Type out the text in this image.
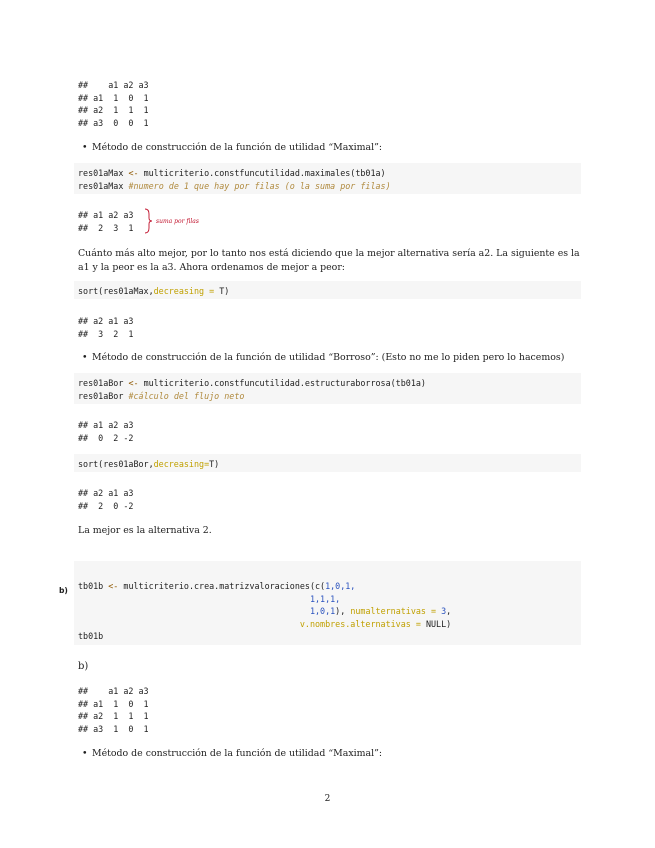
##    a1 a2 a3
## a1  1  0  1
## a2  1  1  1
## a3  0  0  1

• Método de construcción de la función de utilidad “Maximal”:

res01aMax <- multicriterio.constfuncutilidad.maximales(tb01a)
res01aMax #numero de 1 que hay por filas (o la suma por filas)
## a1 a2 a3
##  2  3  1
suma por filas

Cuánto más alto mejor, por lo tanto nos está diciendo que la mejor alternativa sería a2. La siguiente es la a1 y la peor es la a3. Ahora ordenamos de mejor a peor:

sort(res01aMax,decreasing = T)
## a2 a1 a3
##  3  2  1

• Método de construcción de la función de utilidad “Borroso”: (Esto no me lo piden pero lo hacemos)

res01aBor <- multicriterio.constfuncutilidad.estructuraborrosa(tb01a)
res01aBor #cálculo del flujo neto
## a1 a2 a3
##  0  2 -2
sort(res01aBor,decreasing=T)
## a2 a1 a3
##  2  0 -2

La mejor es la alternativa 2.

b)	tb01b <- multicriterio.crea.matrizvaloraciones(c(1,0,1,
1,1,1,
1,0,1), numalternativas = 3,
v.nombres.alternativas = NULL)
tb01b
b)
##    a1 a2 a3
## a1  1  0  1
## a2  1  1  1
## a3  1  0  1

• Método de construcción de la función de utilidad “Maximal”:

2
